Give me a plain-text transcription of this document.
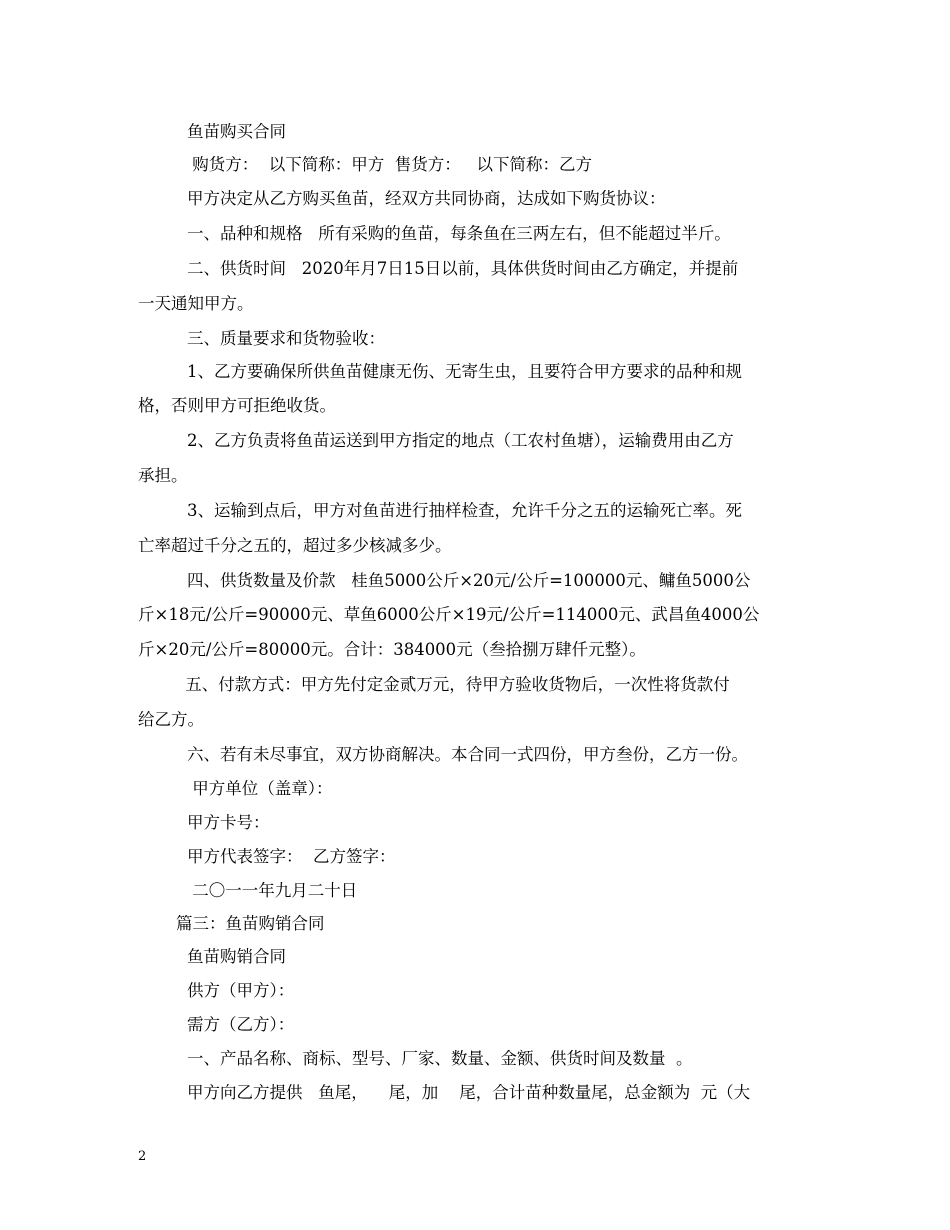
鱼苗购买合同
购货方：  以下简称：甲方  售货方：   以下简称：乙方
甲方决定从乙方购买鱼苗，经双方共同协商，达成如下购货协议：
一、品种和规格   所有采购的鱼苗，每条鱼在三两左右，但不能超过半斤。
二、供货时间   2020年月7日15日以前，具体供货时间由乙方确定，并提前
一天通知甲方。
三、质量要求和货物验收：
1、乙方要确保所供鱼苗健康无伤、无寄生虫，且要符合甲方要求的品种和规
格，否则甲方可拒绝收货。
2、乙方负责将鱼苗运送到甲方指定的地点（工农村鱼塘），运输费用由乙方
承担。
3、运输到点后，甲方对鱼苗进行抽样检查，允许千分之五的运输死亡率。死
亡率超过千分之五的，超过多少核减多少。
四、供货数量及价款   桂鱼5000公斤×20元/公斤=100000元、鳙鱼5000公
斤×18元/公斤=90000元、草鱼6000公斤×19元/公斤=114000元、武昌鱼4000公
斤×20元/公斤=80000元。合计：384000元（叁拾捌万肆仟元整）。
五、付款方式：甲方先付定金贰万元，待甲方验收货物后，一次性将货款付
给乙方。
六、若有未尽事宜，双方协商解决。本合同一式四份，甲方叁份，乙方一份。
甲方单位（盖章）：
甲方卡号：
甲方代表签字：  乙方签字：
二〇一一年九月二十日
篇三：鱼苗购销合同
鱼苗购销合同
供方（甲方）：
需方（乙方）：
一、产品名称、商标、型号、厂家、数量、金额、供货时间及数量  。
甲方向乙方提供   鱼尾，    尾，加    尾，合计苗种数量尾，总金额为  元（大
2
